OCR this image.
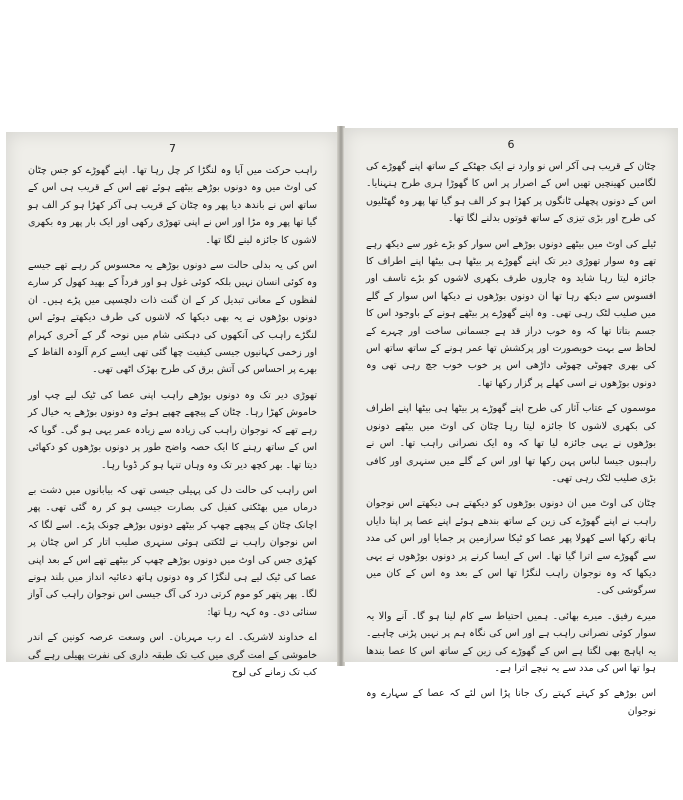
7

راہب حرکت میں آیا وہ لنگڑا کر چل رہا تھا۔ اپنے گھوڑے کو جس چٹان کی اوٹ میں وہ دونوں بوڑھے بیٹھے ہوئے تھے اس کے قریب ہی اس کے ساتھ اس نے باندھ دیا پھر وہ چٹان کے قریب ہی آکر کھڑا ہو کر الف ہو گیا تھا پھر وہ مڑا اور اس نے اپنی تھوڑی رکھی اور ایک بار پھر وہ بکھری لاشوں کا جائزہ لینے لگا تھا۔

اس کی یہ بدلی حالت سے دونوں بوڑھے یہ محسوس کر رہے تھے جیسے وہ کوئی انسان نہیں بلکہ کوئی غول ہو اور فرداً کے بھید کھول کر سارے لفظوں کے معانی تبدیل کر کے ان گنت ذات دلچسپی میں پڑے ہیں۔ ان دونوں بوڑھوں نے یہ بھی دیکھا کہ لاشوں کی طرف دیکھتے ہوئے اس لنگڑے راہب کی آنکھوں کی دہکتی شام میں نوحہ گر کے آخری کہرام اور زخمی کہانیوں جیسی کیفیت چھا گئی تھی ایسے کرم آلودہ الفاظ کے بھرے پر احساس کی آتش برق کی طرح بھڑک اٹھی تھی۔

تھوڑی دیر تک وہ دونوں بوڑھے راہب اپنی عصا کی ٹیک لیے چپ اور خاموش کھڑا رہا۔ چٹان کے پیچھے چھپے ہوئے وہ دونوں بوڑھے یہ خیال کر رہے تھے کہ نوجوان راہب کی زیادہ سے زیادہ عمر یہی ہو گی۔ گویا کہ اس کے ساتھ رہنے کا ایک حصہ واضح طور پر دونوں بوڑھوں کو دکھائی دیتا تھا۔ بھر کچھ دیر تک وہ وہاں تنہا ہو کر ڈوبا رہا۔

اس راہب کی حالت دل کی پہیلی جیسی تھی کہ بیابانوں میں دشت بے درماں میں بھٹکتی کفیل کی بصارت جیسی ہو کر رہ گئی تھی۔ پھر اچانک چٹان کے پیچھے چھپ کر بیٹھے دونوں بوڑھے چونک پڑے۔ اسے لگا کہ اس نوجوان راہب نے لٹکتی ہوئی سنہری صلیب اتار کر اس چٹان پر کھڑی جس کی اوٹ میں دونوں بوڑھے چھپ کر بیٹھے تھے اس کے بعد اپنی عصا کی ٹیک لیے ہی لنگڑا کر وہ دونوں ہاتھ دعائیہ انداز میں بلند ہونے لگا۔ پھر پتھر کو موم کرتی درد کی آگ جیسی اس نوجوان راہب کی آواز سنائی دی۔ وہ کہہ رہا تھا:

اے خداوند لاشریک۔ اے رب مہربان۔ اس وسعت عرصہ کونین کے اندر خاموشی کے امت گری میں کب تک طبقہ داری کی نفرت پھیلی رہے گی کب تک زمانے کی لوح

6

چٹان کے قریب ہی آکر اس نو وارد نے ایک جھٹکے کے ساتھ اپنے گھوڑے کی لگامیں کھینچیں تھیں اس کے اصرار پر اس کا گھوڑا ہری طرح ہنہنایا۔ اس کے دونوں پچھلی ٹانگوں پر کھڑا ہو کر الف ہو گیا تھا پھر وہ گھٹلیوں کی طرح اور بڑی تیزی کے ساتھ قوتوں بدلنے لگا تھا۔

ٹیلے کی اوٹ میں بیٹھے دونوں بوڑھے اس سوار کو بڑے غور سے دیکھ رہے تھے وہ سوار تھوڑی دیر تک اپنے گھوڑے پر بیٹھا ہی بیٹھا اپنے اطراف کا جائزہ لیتا رہا شاید وہ چاروں طرف بکھری لاشوں کو بڑے تاسف اور افسوس سے دیکھ رہا تھا ان دونوں بوڑھوں نے دیکھا اس سوار کے گلے میں صلیب لٹک رہی تھی۔ وہ اپنے گھوڑے پر بیٹھے ہونے کے باوجود اس کا جسم بتاتا تھا کہ وہ خوب دراز قد ہے جسمانی ساخت اور چہرے کے لحاظ سے بہت خوبصورت اور پرکشش تھا عمر ہونے کے ساتھ ساتھ اس کی بھری چھوٹی چھوٹی داڑھی اس پر خوب خوب جچ رہی تھی وہ دونوں بوڑھوں نے اسی کھلے پر گزار رکھا تھا۔

موسموں کے عتاب آثار کی طرح اپنے گھوڑے پر بیٹھا ہی بیٹھا اپنے اطراف کی بکھری لاشوں کا جائزہ لیتا رہا چٹان کی اوٹ میں بیٹھے دونوں بوڑھوں نے یہی جائزہ لیا تھا کہ وہ ایک نصرانی راہب تھا۔ اس نے راہبوں جیسا لباس پہن رکھا تھا اور اس کے گلے میں سنہری اور کافی بڑی صلیب لٹک رہی تھی۔

چٹان کی اوٹ میں ان دونوں بوڑھوں کو دیکھتے ہی دیکھتے اس نوجوان راہب نے اپنے گھوڑے کی زین کے ساتھ بندھے ہوئے اپنے عصا پر اپنا دایاں ہاتھ رکھا اسے کھولا پھر عصا کو ٹیکا سرازمین پر جمایا اور اس کی مدد سے گھوڑے سے اترا گیا تھا۔ اس کے ایسا کرنے پر دونوں بوڑھوں نے یہی دیکھا کہ وہ نوجوان راہب لنگڑا تھا اس کے بعد وہ اس کے کان میں سرگوشی کی۔

میرے رفیق۔ میرے بھائی۔ ہمیں احتیاط سے کام لینا ہو گا۔ آنے والا یہ سوار کوئی نصرانی راہب ہے اور اس کی نگاہ ہم پر نہیں پڑنی چاہیے۔ یہ اپاہج بھی لگتا ہے اس کے گھوڑے کی زین کے ساتھ اس کا عصا بندھا ہوا تھا اس کی مدد سے یہ نیچے اترا ہے۔

اس بوڑھے کو کہتے کہتے رک جانا پڑا اس لئے کہ عصا کے سہارے وہ نوجوان
